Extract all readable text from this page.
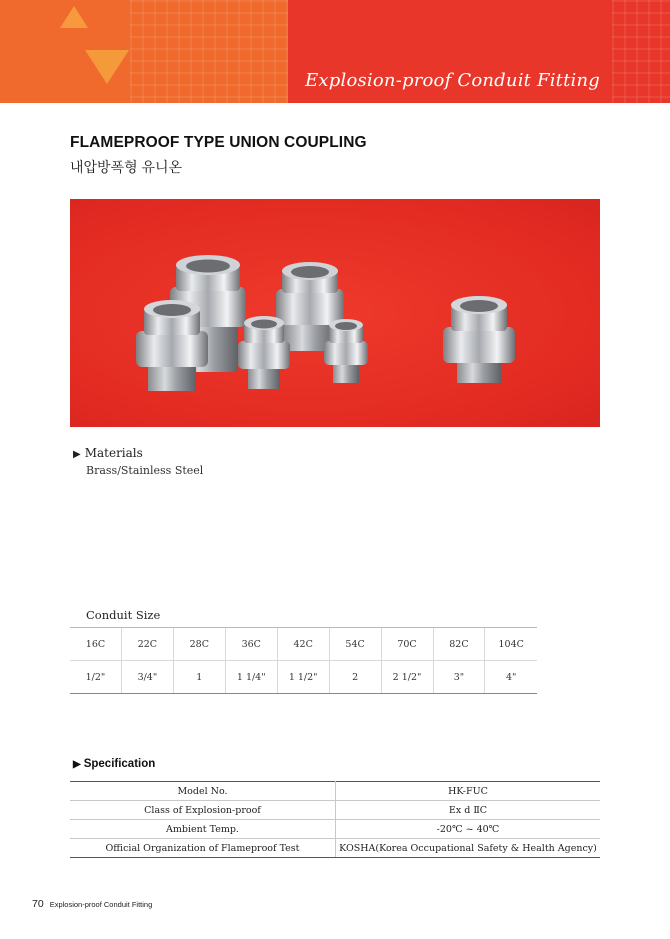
Explosion-proof Conduit Fitting
FLAMEPROOF TYPE UNION COUPLING
내압방폭형 유니온
▶ Materials
Brass/Stainless Steel
Conduit Size
16C	22C	28C	36C	42C	54C	70C	82C	104C
1/2"	3/4"	1	1 1/4"	1 1/2"	2	2 1/2"	3"	4"
▶ Specification
Model No.	HK-FUC
Class of Explosion-proof	Ex d ⅡC
Ambient Temp.	-20℃ ~ 40℃
Official Organization of Flameproof Test	KOSHA(Korea Occupational Safety & Health Agency)
70 Explosion-proof Conduit Fitting
